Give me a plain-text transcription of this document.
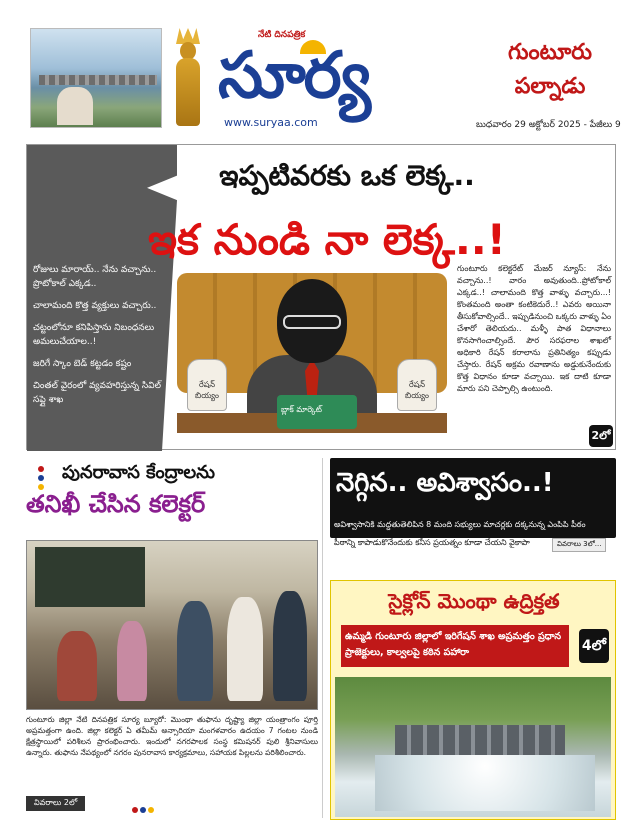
నేటి దినపత్రిక
సూర్య
www.suryaa.com
గుంటూరు
పల్నాడు
బుధవారం 29 అక్టోబర్ 2025 - పేజీలు 9
ఇప్పటివరకు ఒక లెక్క..
ఇక నుండి నా లెక్క..!

రోజులు మారాయ్.. నేను వచ్చాను.. ప్రొటోకాల్ ఎక్కడ..

చాలామంది కొత్త వ్యక్తులు వచ్చారు..

చట్టంలోనూ కనిపిస్తాను నిబంధనలు అమలుచేయాల..!

జరిగే స్కాం బెడ్ కట్టడం కష్టం

చింతల్ వైరంలో వ్యవహరిస్తున్న సివిల్ సప్లై శాఖ

రేషన్ బియ్యం
రేషన్ బియ్యం
బ్లాక్ మార్కెట్
గుంటూరు కలెక్టరేట్ మేజర్ న్యూస్: నేను వచ్చాను..! వారం అవుతుంది..ప్రోటోకాల్ ఎక్కడ..! చాలామంది కొత్త వాళ్ళు వచ్చారు...! కొంతమంది అంతా కంటికెదురే..! ఎవరు అయినా తీసుకోవాల్సిందే.. ఇప్పుడినుంచి ఒక్కరు వాళ్ళు ఏం చేశారో తెలియదు.. మళ్ళీ పాత విధానాలు కొనసాగించాల్సిందే. పౌర సరఫరాల శాఖలో అధికారి రేషన్ కరాలాను ప్రతినిత్యం కప్పుడు చేస్తారు. రేషన్ అక్రమ రవాణాను అడ్డుకునేందుకు కొత్త విధానం కూడా వచ్చాయి. ఇక దాటి కూడా మారు పని చెప్పాల్సి ఉంటుంది.
2లో
పునరావాస కేంద్రాలను
తనిఖీ చేసిన కలెక్టర్
గుంటూరు జిల్లా నేటి దినపత్రిక సూర్య బ్యూరో: మొంథా తుఫాను దృష్ట్యా జిల్లా యంత్రాంగం పూర్తి అప్రమత్తంగా ఉంది. జిల్లా కలెక్టర్ ఏ తమీమ్ అన్సారియా మంగళవారం ఉదయం 7 గంటల నుండి క్షేత్రస్థాయిలో పరిశీలన ప్రారంభించారు. ఇందులో నగరపాలక సంస్థ కమిషనర్ పులి శ్రీనివాసులు ఉన్నారు. తుఫాను నేపథ్యంలో నగరం పునరావాస కార్యక్రమాలు, సహాయక పిల్లలను పరిశీలించారు.
వివరాలు 2లో
నెగ్గిన.. అవిశ్వాసం..!
అవిశ్వాసానికి మద్దతుతెలిపిన 8 మంది సభ్యులు మాచర్లకు దక్కనున్న ఎంపిపి పీఠం
పీఠాన్ని కాపాడుకొనేందుకు కనీస ప్రయత్నం కూడా చేయని వైకాపా	వివరాలు 3లో...
సైక్లోన్ మొంథా ఉద్రిక్తత
ఉమ్మడి గుంటూరు జిల్లాలో ఇరిగేషన్ శాఖ అప్రమత్తం ప్రధాన ప్రాజెక్టులు, కాల్వలపై కఠిన పహారా	4లో
